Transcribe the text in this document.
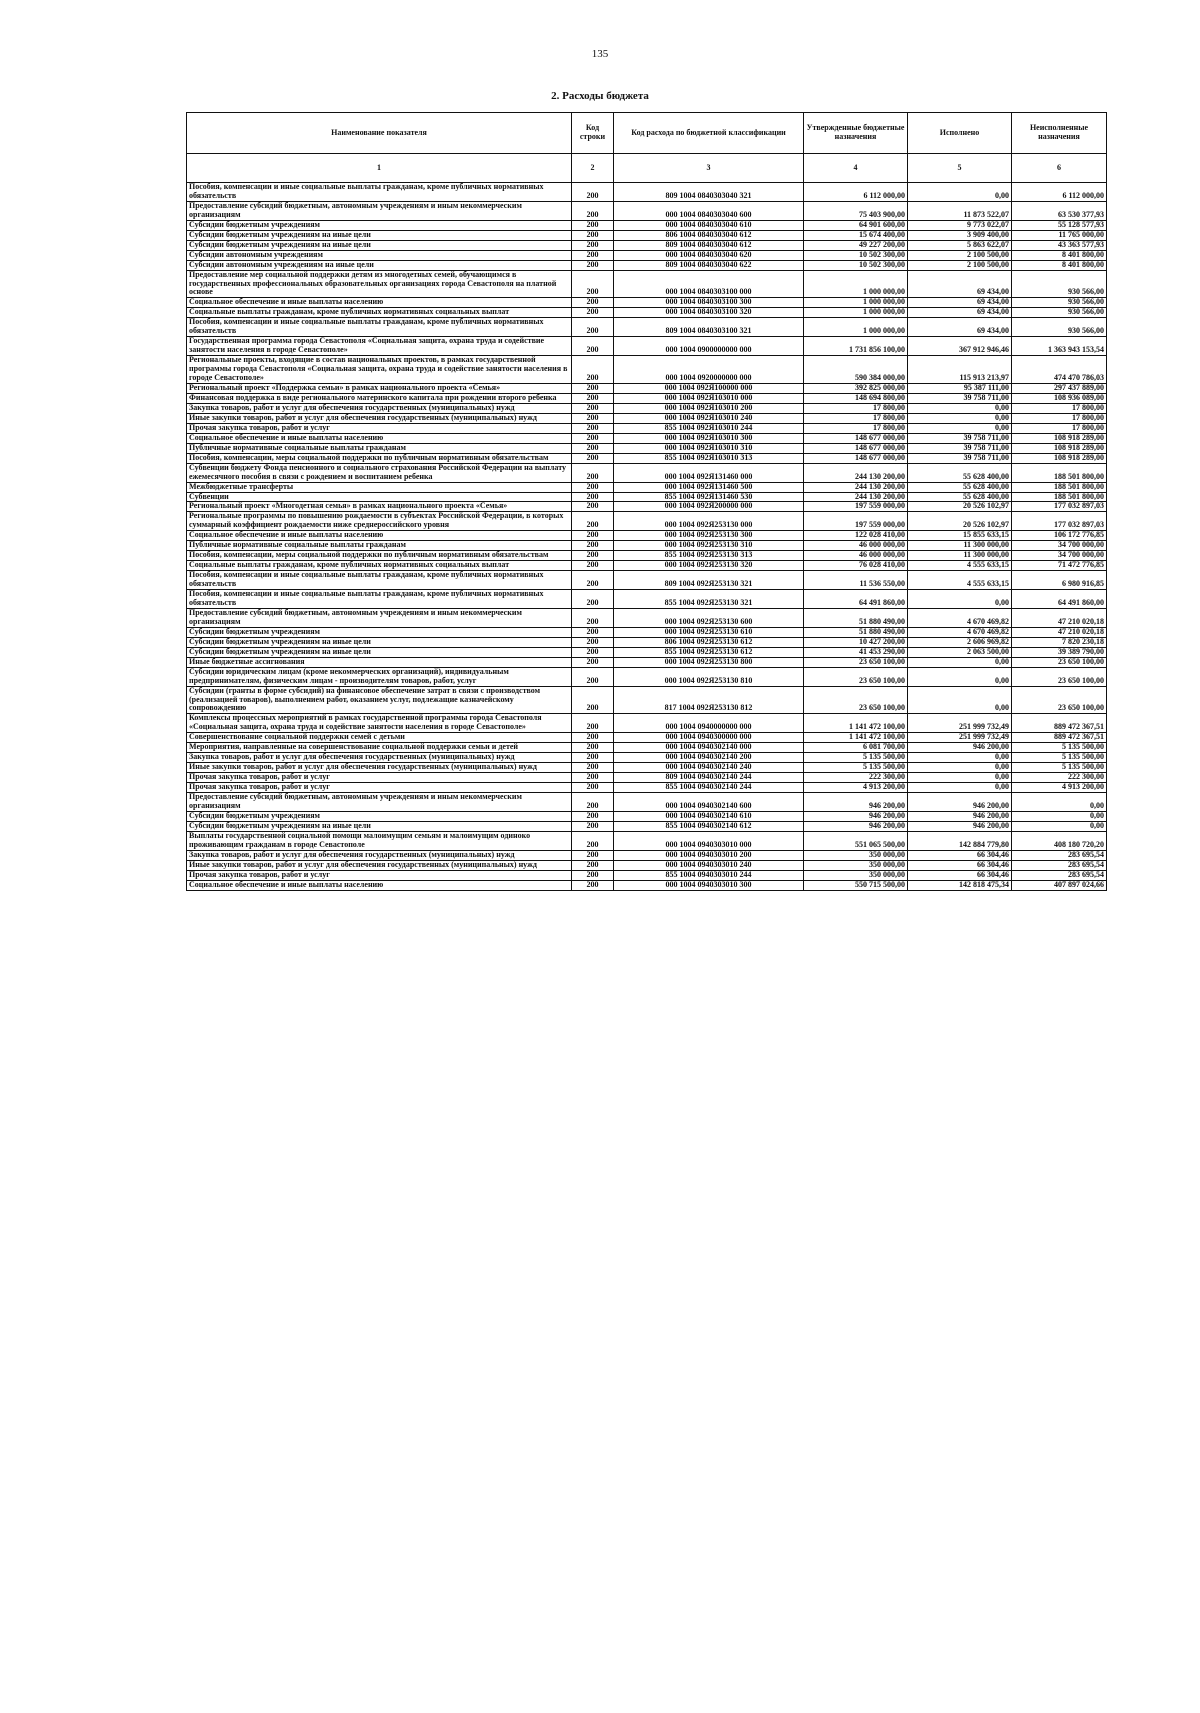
135
2. Расходы бюджета
Наименование показателя	Код строки	Код расхода по бюджетной классификации	Утвержденные бюджетные назначения	Исполнено	Неисполненные назначения
1	2	3	4	5	6
Пособия, компенсации и иные социальные выплаты гражданам, кроме публичных нормативных обязательств	200	809 1004 0840303040 321	6 112 000,00	0,00	6 112 000,00
Предоставление субсидий бюджетным, автономным учреждениям и иным некоммерческим организациям	200	000 1004 0840303040 600	75 403 900,00	11 873 522,07	63 530 377,93
Субсидии бюджетным учреждениям	200	000 1004 0840303040 610	64 901 600,00	9 773 022,07	55 128 577,93
Субсидии бюджетным учреждениям на иные цели	200	806 1004 0840303040 612	15 674 400,00	3 909 400,00	11 765 000,00
Субсидии бюджетным учреждениям на иные цели	200	809 1004 0840303040 612	49 227 200,00	5 863 622,07	43 363 577,93
Субсидии автономным учреждениям	200	000 1004 0840303040 620	10 502 300,00	2 100 500,00	8 401 800,00
Субсидии автономным учреждениям на иные цели	200	809 1004 0840303040 622	10 502 300,00	2 100 500,00	8 401 800,00
Предоставление мер социальной поддержки детям из многодетных семей, обучающимся в государственных профессиональных образовательных организациях города Севастополя на платной основе	200	000 1004 0840303100 000	1 000 000,00	69 434,00	930 566,00
Социальное обеспечение и иные выплаты населению	200	000 1004 0840303100 300	1 000 000,00	69 434,00	930 566,00
Социальные выплаты гражданам, кроме публичных нормативных социальных выплат	200	000 1004 0840303100 320	1 000 000,00	69 434,00	930 566,00
Пособия, компенсации и иные социальные выплаты гражданам, кроме публичных нормативных обязательств	200	809 1004 0840303100 321	1 000 000,00	69 434,00	930 566,00
Государственная программа города Севастополя «Социальная защита, охрана труда и содействие занятости населения в городе Севастополе»	200	000 1004 0900000000 000	1 731 856 100,00	367 912 946,46	1 363 943 153,54
Региональные проекты, входящие в состав национальных проектов, в рамках государственной программы города Севастополя «Социальная защита, охрана труда и содействие занятости населения в городе Севастополе»	200	000 1004 0920000000 000	590 384 000,00	115 913 213,97	474 470 786,03
Региональный проект «Поддержка семьи» в рамках национального проекта «Семья»	200	000 1004 092Я100000 000	392 825 000,00	95 387 111,00	297 437 889,00
Финансовая поддержка в виде регионального материнского капитала при рождении второго ребенка	200	000 1004 092Я103010 000	148 694 800,00	39 758 711,00	108 936 089,00
Закупка товаров, работ и услуг для обеспечения государственных (муниципальных) нужд	200	000 1004 092Я103010 200	17 800,00	0,00	17 800,00
Иные закупки товаров, работ и услуг для обеспечения государственных (муниципальных) нужд	200	000 1004 092Я103010 240	17 800,00	0,00	17 800,00
Прочая закупка товаров, работ и услуг	200	855 1004 092Я103010 244	17 800,00	0,00	17 800,00
Социальное обеспечение и иные выплаты населению	200	000 1004 092Я103010 300	148 677 000,00	39 758 711,00	108 918 289,00
Публичные нормативные социальные выплаты гражданам	200	000 1004 092Я103010 310	148 677 000,00	39 758 711,00	108 918 289,00
Пособия, компенсации, меры социальной поддержки по публичным нормативным обязательствам	200	855 1004 092Я103010 313	148 677 000,00	39 758 711,00	108 918 289,00
Субвенции бюджету Фонда пенсионного и социального страхования Российской Федерации на выплату ежемесячного пособия в связи с рождением и воспитанием ребенка	200	000 1004 092Я131460 000	244 130 200,00	55 628 400,00	188 501 800,00
Межбюджетные трансферты	200	000 1004 092Я131460 500	244 130 200,00	55 628 400,00	188 501 800,00
Субвенции	200	855 1004 092Я131460 530	244 130 200,00	55 628 400,00	188 501 800,00
Региональный проект «Многодетная семья» в рамках национального проекта «Семья»	200	000 1004 092Я200000 000	197 559 000,00	20 526 102,97	177 032 897,03
Региональные программы по повышению рождаемости в субъектах Российской Федерации, в которых суммарный коэффициент рождаемости ниже среднероссийского уровня	200	000 1004 092Я253130 000	197 559 000,00	20 526 102,97	177 032 897,03
Социальное обеспечение и иные выплаты населению	200	000 1004 092Я253130 300	122 028 410,00	15 855 633,15	106 172 776,85
Публичные нормативные социальные выплаты гражданам	200	000 1004 092Я253130 310	46 000 000,00	11 300 000,00	34 700 000,00
Пособия, компенсации, меры социальной поддержки по публичным нормативным обязательствам	200	855 1004 092Я253130 313	46 000 000,00	11 300 000,00	34 700 000,00
Социальные выплаты гражданам, кроме публичных нормативных социальных выплат	200	000 1004 092Я253130 320	76 028 410,00	4 555 633,15	71 472 776,85
Пособия, компенсации и иные социальные выплаты гражданам, кроме публичных нормативных обязательств	200	809 1004 092Я253130 321	11 536 550,00	4 555 633,15	6 980 916,85
Пособия, компенсации и иные социальные выплаты гражданам, кроме публичных нормативных обязательств	200	855 1004 092Я253130 321	64 491 860,00	0,00	64 491 860,00
Предоставление субсидий бюджетным, автономным учреждениям и иным некоммерческим организациям	200	000 1004 092Я253130 600	51 880 490,00	4 670 469,82	47 210 020,18
Субсидии бюджетным учреждениям	200	000 1004 092Я253130 610	51 880 490,00	4 670 469,82	47 210 020,18
Субсидии бюджетным учреждениям на иные цели	200	806 1004 092Я253130 612	10 427 200,00	2 606 969,82	7 820 230,18
Субсидии бюджетным учреждениям на иные цели	200	855 1004 092Я253130 612	41 453 290,00	2 063 500,00	39 389 790,00
Иные бюджетные ассигнования	200	000 1004 092Я253130 800	23 650 100,00	0,00	23 650 100,00
Субсидии юридическим лицам (кроме некоммерческих организаций), индивидуальным предпринимателям, физическим лицам - производителям товаров, работ, услуг	200	000 1004 092Я253130 810	23 650 100,00	0,00	23 650 100,00
Субсидии (гранты в форме субсидий) на финансовое обеспечение затрат в связи с производством (реализацией товаров), выполнением работ, оказанием услуг, подлежащие казначейскому сопровождению	200	817 1004 092Я253130 812	23 650 100,00	0,00	23 650 100,00
Комплексы процессных мероприятий в рамках государственной программы города Севастополя «Социальная защита, охрана труда и содействие занятости населения в городе Севастополе»	200	000 1004 0940000000 000	1 141 472 100,00	251 999 732,49	889 472 367,51
Совершенствование социальной поддержки семей с детьми	200	000 1004 0940300000 000	1 141 472 100,00	251 999 732,49	889 472 367,51
Мероприятия, направленные на совершенствование социальной поддержки семьи и детей	200	000 1004 0940302140 000	6 081 700,00	946 200,00	5 135 500,00
Закупка товаров, работ и услуг для обеспечения государственных (муниципальных) нужд	200	000 1004 0940302140 200	5 135 500,00	0,00	5 135 500,00
Иные закупки товаров, работ и услуг для обеспечения государственных (муниципальных) нужд	200	000 1004 0940302140 240	5 135 500,00	0,00	5 135 500,00
Прочая закупка товаров, работ и услуг	200	809 1004 0940302140 244	222 300,00	0,00	222 300,00
Прочая закупка товаров, работ и услуг	200	855 1004 0940302140 244	4 913 200,00	0,00	4 913 200,00
Предоставление субсидий бюджетным, автономным учреждениям и иным некоммерческим организациям	200	000 1004 0940302140 600	946 200,00	946 200,00	0,00
Субсидии бюджетным учреждениям	200	000 1004 0940302140 610	946 200,00	946 200,00	0,00
Субсидии бюджетным учреждениям на иные цели	200	855 1004 0940302140 612	946 200,00	946 200,00	0,00
Выплаты государственной социальной помощи малоимущим семьям и малоимущим одиноко проживающим гражданам в городе Севастополе	200	000 1004 0940303010 000	551 065 500,00	142 884 779,80	408 180 720,20
Закупка товаров, работ и услуг для обеспечения государственных (муниципальных) нужд	200	000 1004 0940303010 200	350 000,00	66 304,46	283 695,54
Иные закупки товаров, работ и услуг для обеспечения государственных (муниципальных) нужд	200	000 1004 0940303010 240	350 000,00	66 304,46	283 695,54
Прочая закупка товаров, работ и услуг	200	855 1004 0940303010 244	350 000,00	66 304,46	283 695,54
Социальное обеспечение и иные выплаты населению	200	000 1004 0940303010 300	550 715 500,00	142 818 475,34	407 897 024,66
